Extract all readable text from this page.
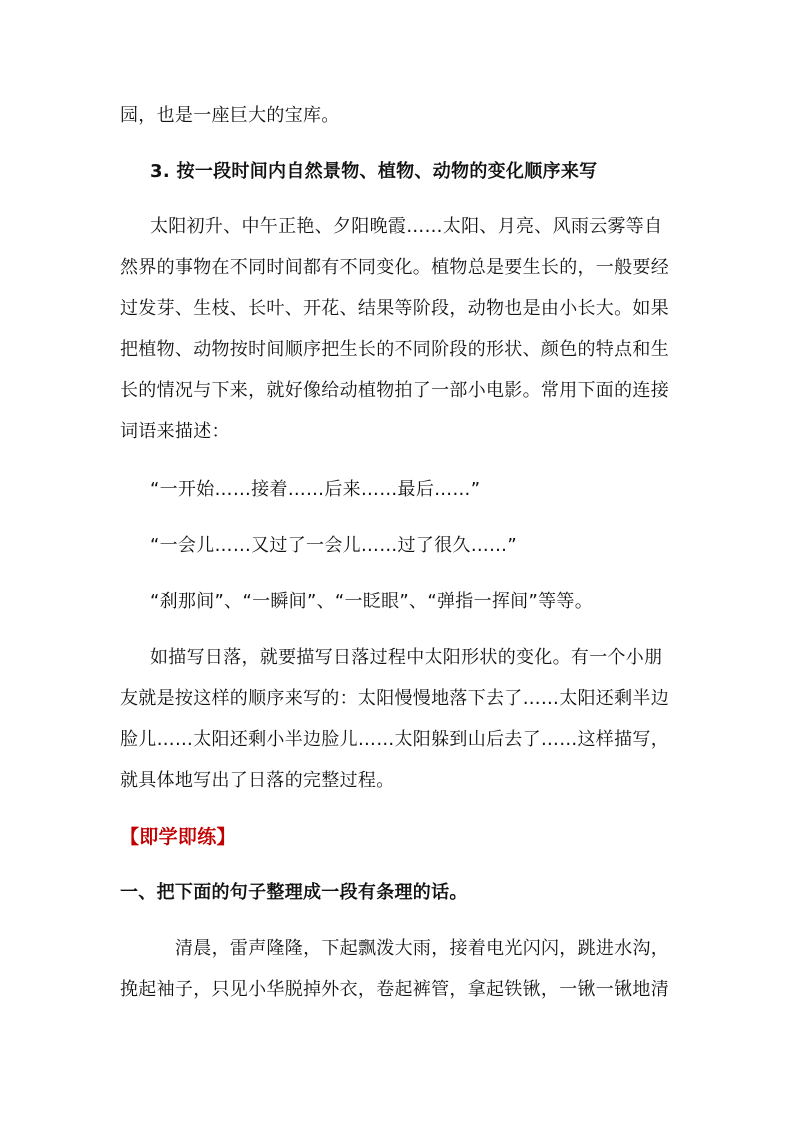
园，也是一座巨大的宝库。
3. 按一段时间内自然景物、植物、动物的变化顺序来写
太阳初升、中午正艳、夕阳晚霞……太阳、月亮、风雨云雾等自
然界的事物在不同时间都有不同变化。植物总是要生长的，一般要经
过发芽、生枝、长叶、开花、结果等阶段，动物也是由小长大。如果
把植物、动物按时间顺序把生长的不同阶段的形状、颜色的特点和生
长的情况与下来，就好像给动植物拍了一部小电影。常用下面的连接
词语来描述：
“一开始……接着……后来……最后……”
“一会儿……又过了一会儿……过了很久……”
“刹那间”、“一瞬间”、“一眨眼”、“弹指一挥间”等等。
如描写日落，就要描写日落过程中太阳形状的变化。有一个小朋
友就是按这样的顺序来写的：太阳慢慢地落下去了……太阳还剩半边
脸儿……太阳还剩小半边脸儿……太阳躲到山后去了……这样描写，
就具体地写出了日落的完整过程。
【即学即练】
一、把下面的句子整理成一段有条理的话。
清晨，雷声隆隆，下起飘泼大雨，接着电光闪闪，跳进水沟，
挽起袖子，只见小华脱掉外衣，卷起裤管，拿起铁锹，一锹一锹地清
